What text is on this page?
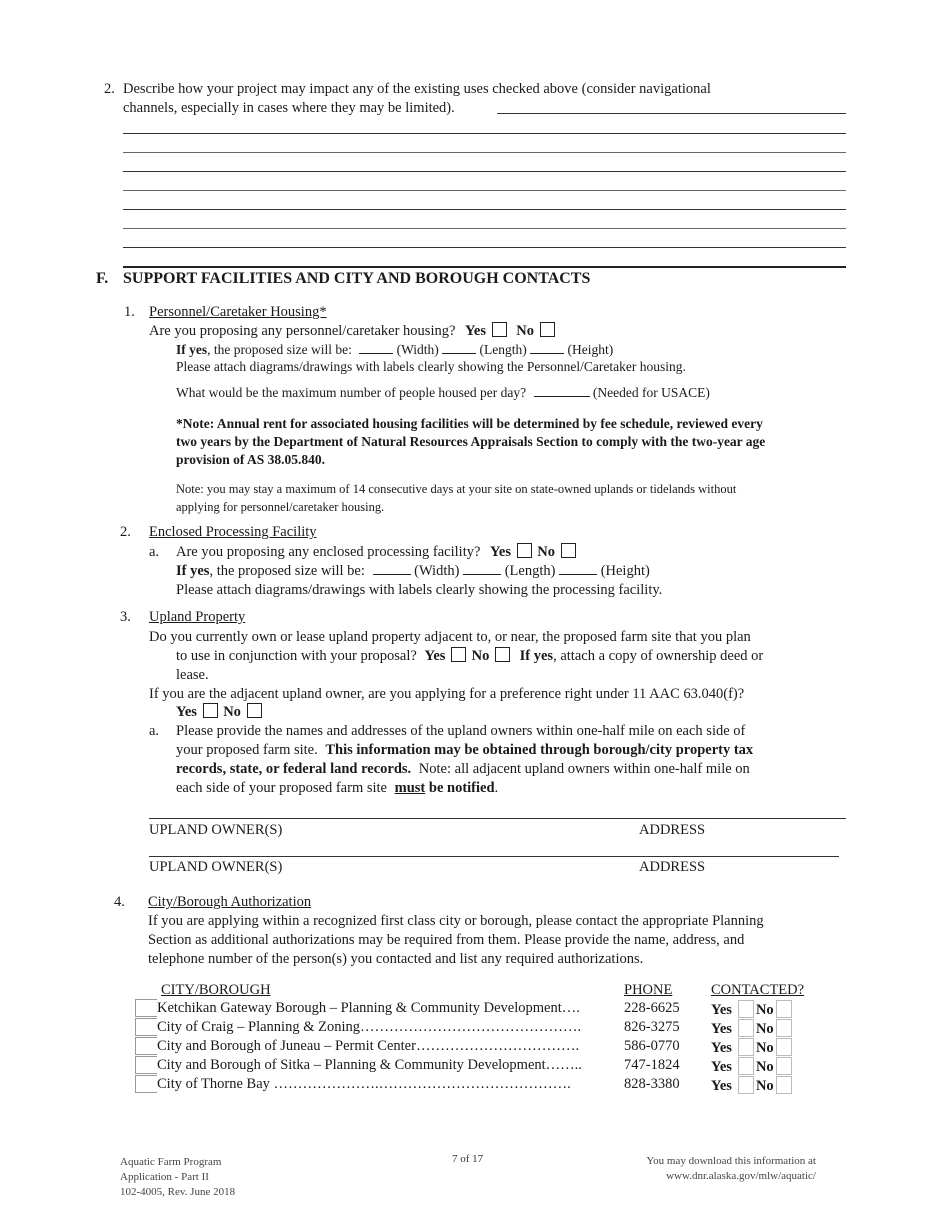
2. Describe how your project may impact any of the existing uses checked above (consider navigational
channels, especially in cases where they may be limited).
F. SUPPORT FACILITIES AND CITY AND BOROUGH CONTACTS
1. Personnel/Caretaker Housing*
Are you proposing any personnel/caretaker housing? Yes No
If yes, the proposed size will be:	(Width)	(Length)	(Height)
Please attach diagrams/drawings with labels clearly showing the Personnel/Caretaker housing.
What would be the maximum number of people housed per day?	(Needed for USACE)
*Note: Annual rent for associated housing facilities will be determined by fee schedule, reviewed every
two years by the Department of Natural Resources Appraisals Section to comply with the two-year age
provision of AS 38.05.840.
Note: you may stay a maximum of 14 consecutive days at your site on state-owned uplands or tidelands without
applying for personnel/caretaker housing.
2. Enclosed Processing Facility
a. Are you proposing any enclosed processing facility? Yes No
If yes, the proposed size will be:	(Width)	(Length)	(Height)
Please attach diagrams/drawings with labels clearly showing the processing facility.
3. Upland Property
Do you currently own or lease upland property adjacent to, or near, the proposed farm site that you plan
to use in conjunction with your proposal? Yes No If yes, attach a copy of ownership deed or
lease.
If you are the adjacent upland owner, are you applying for a preference right under 11 AAC 63.040(f)?
Yes No
a. Please provide the names and addresses of the upland owners within one-half mile on each side of
your proposed farm site. This information may be obtained through borough/city property tax
records, state, or federal land records. Note: all adjacent upland owners within one-half mile on
each side of your proposed farm site must be notified.
UPLAND OWNER(S)	ADDRESS
UPLAND OWNER(S)	ADDRESS
4. City/Borough Authorization
If you are applying within a recognized first class city or borough, please contact the appropriate Planning
Section as additional authorizations may be required from them. Please provide the name, address, and
telephone number of the person(s) you contacted and list any required authorizations.
CITY/BOROUGH	PHONE	CONTACTED?
Ketchikan Gateway Borough – Planning & Community Development….	228-6625 Yes No
City of Craig – Planning & Zoning……………………………………….	826-3275 Yes No
City and Borough of Juneau – Permit Center…………………………….	586-0770 Yes No
City and Borough of Sitka – Planning & Community Development……..	747-1824 Yes No
City of Thorne Bay ………………….………………………………….	828-3380 Yes No
Aquatic Farm Program
Application - Part II
102-4005, Rev. June 2018
7 of 17	You may download this information at
www.dnr.alaska.gov/mlw/aquatic/
